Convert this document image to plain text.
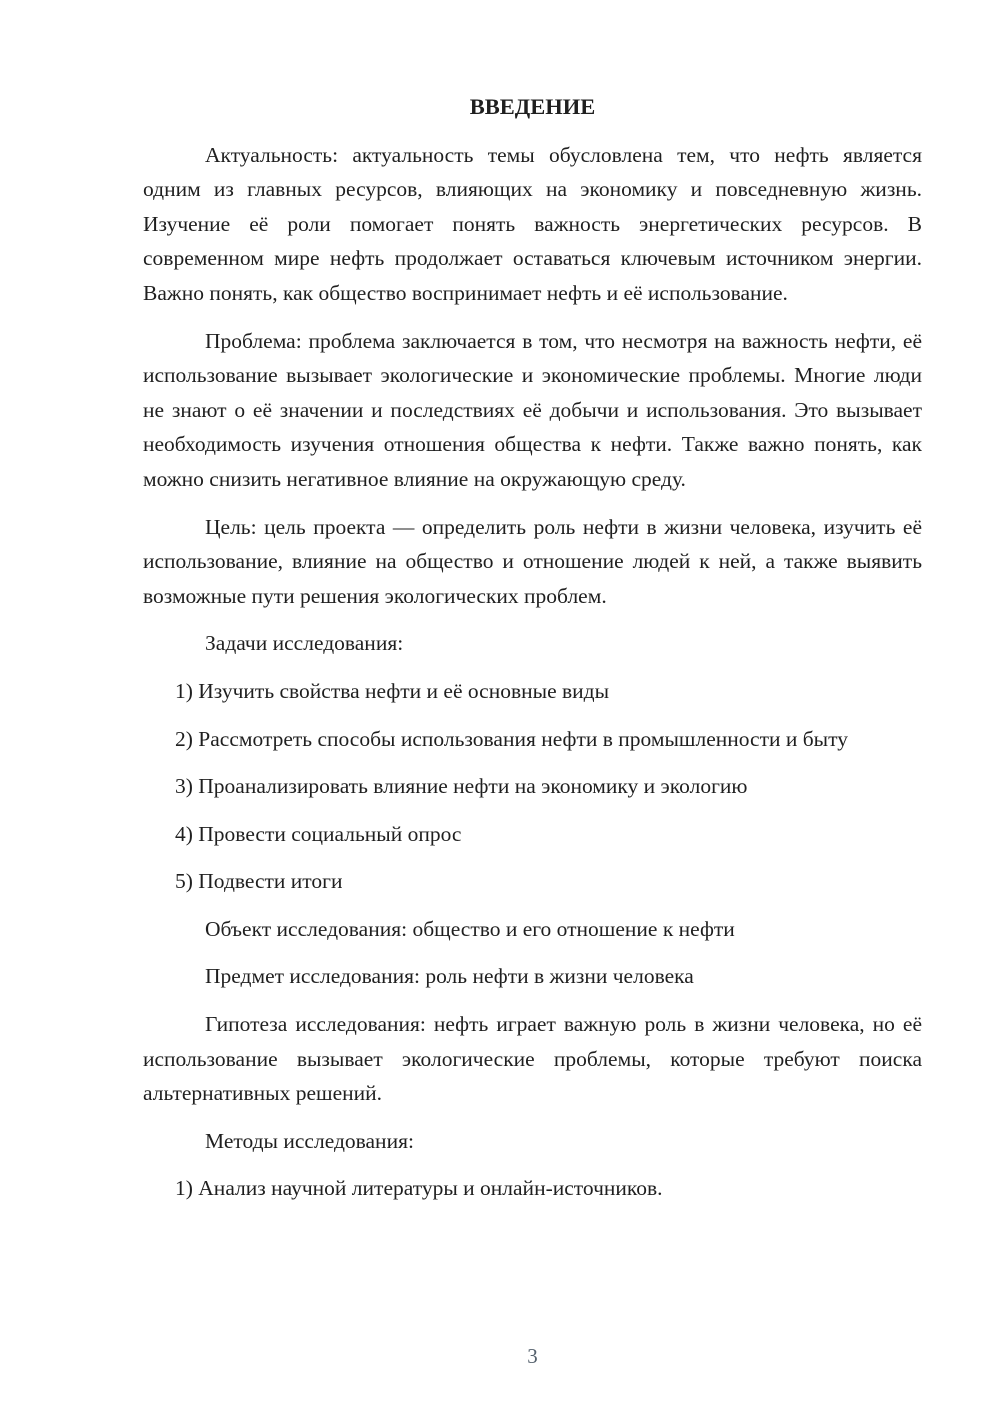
ВВЕДЕНИЕ

Актуальность: актуальность темы обусловлена тем, что нефть является одним из главных ресурсов, влияющих на экономику и повседневную жизнь. Изучение её роли помогает понять важность энергетических ресурсов. В современном мире нефть продолжает оставаться ключевым источником энергии. Важно понять, как общество воспринимает нефть и её использование.

Проблема: проблема заключается в том, что несмотря на важность нефти, её использование вызывает экологические и экономические проблемы. Многие люди не знают о её значении и последствиях её добычи и использования. Это вызывает необходимость изучения отношения общества к нефти. Также важно понять, как можно снизить негативное влияние на окружающую среду.

Цель: цель проекта — определить роль нефти в жизни человека, изучить её использование, влияние на общество и отношение людей к ней, а также выявить возможные пути решения экологических проблем.

Задачи исследования:

1) Изучить свойства нефти и её основные виды

2) Рассмотреть способы использования нефти в промышленности и быту

3) Проанализировать влияние нефти на экономику и экологию

4) Провести социальный опрос

5) Подвести итоги

Объект исследования: общество и его отношение к нефти

Предмет исследования: роль нефти в жизни человека

Гипотеза исследования: нефть играет важную роль в жизни человека, но её использование вызывает экологические проблемы, которые требуют поиска альтернативных решений.

Методы исследования:

1) Анализ научной литературы и онлайн-источников.

3
